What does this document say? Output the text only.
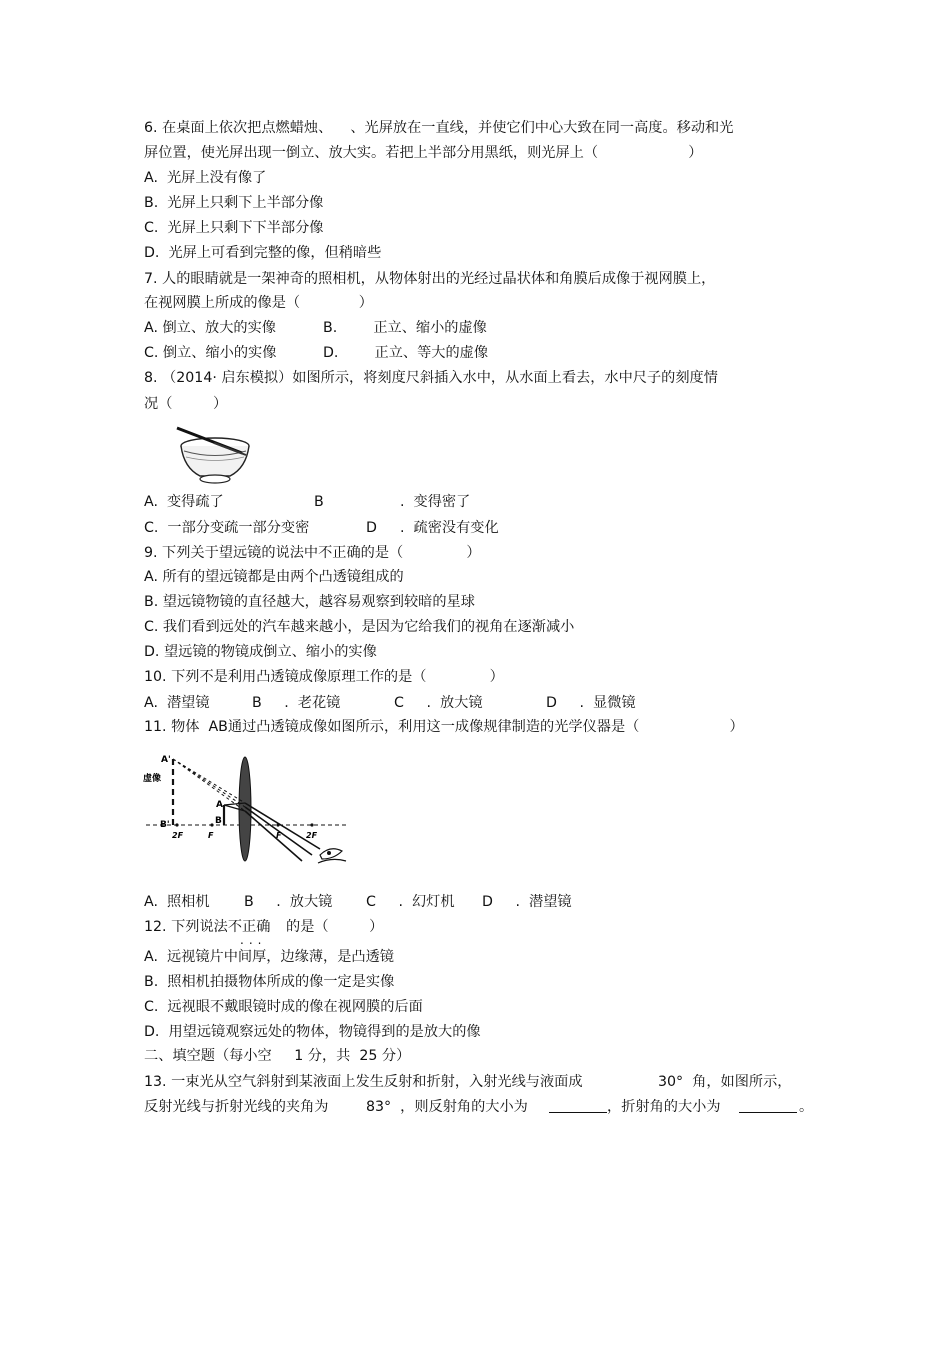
6. 在桌面上依次把点燃蜡烛、    、光屏放在一直线，并使它们中心大致在同一高度。移动和光
屏位置，使光屏出现一倒立、放大实。若把上半部分用黑纸，则光屏上（                    ）
A.  光屏上没有像了
B.  光屏上只剩下上半部分像
C.  光屏上只剩下下半部分像
D.  光屏上可看到完整的像，但稍暗些
7. 人的眼睛就是一架神奇的照相机，从物体射出的光经过晶状体和角膜后成像于视网膜上，
在视网膜上所成的像是（             ）
A. 倒立、放大的实像	B.        正立、缩小的虚像
C. 倒立、缩小的实像	D.        正立、等大的虚像
8. （2014· 启东模拟）如图所示，将刻度尺斜插入水中，从水面上看去，水中尺子的刻度情
况（         ）
A.  变得疏了	B	.  变得密了
C.  一部分变疏一部分变密	D .  疏密没有变化
9. 下列关于望远镜的说法中不正确的是（              ）
A. 所有的望远镜都是由两个凸透镜组成的
B. 望远镜物镜的直径越大，越容易观察到较暗的星球
C. 我们看到远处的汽车越来越小，是因为它给我们的视角在逐渐减小
D. 望远镜的物镜成倒立、缩小的实像
10. 下列不是利用凸透镜成像原理工作的是（              ）
A.  潜望镜	B     .  老花镜	C     .  放大镜	D     .  显微镜
11. 物体  AB通过凸透镜成像如图所示，利用这一成像规律制造的光学仪器是（                    ）
虚像
A'
A
B
B'
2F	F	F	2F
A.  照相机 B     .  放大镜 C     .  幻灯机 D     .  潜望镜
12. 下列说法不正确 的是（         ）
...
A.  远视镜片中间厚，边缘薄，是凸透镜
B.  照相机拍摄物体所成的像一定是实像
C.  远视眼不戴眼镜时成的像在视网膜的后面
D.  用望远镜观察远处的物体，物镜得到的是放大的像
二、填空题（每小空     1 分，共  25 分）
13. 一束光从空气斜射到某液面上发生反射和折射，入射光线与液面成	30°  角，如图所示，
反射光线与折射光线的夹角为	83°  ，则反射角的大小为	，折射角的大小为	。
